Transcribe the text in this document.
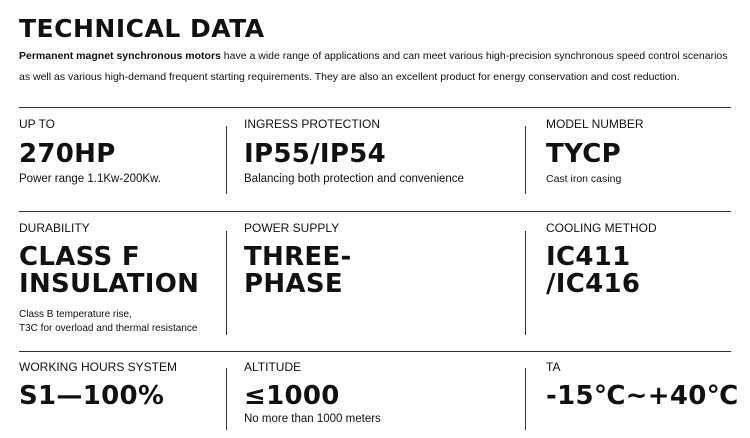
TECHNICAL DATA

Permanent magnet synchronous motors have a wide range of applications and can meet various high-precision synchronous speed control scenarios as well as various high-demand frequent starting requirements. They are also an excellent product for energy conservation and cost reduction.

UP TO

270HP

Power range 1.1Kw-200Kw.

INGRESS PROTECTION

IP55/IP54

Balancing both protection and convenience

MODEL NUMBER

TYCP

Cast iron casing

DURABILITY

CLASS F

INSULATION

Class B temperature rise,

T3C for overload and thermal resistance

POWER SUPPLY

THREE-

PHASE

COOLING METHOD

IC411

/IC416

WORKING HOURS SYSTEM

S1—100%

ALTITUDE

≤1000

No more than 1000 meters

TA

-15℃~+40℃
